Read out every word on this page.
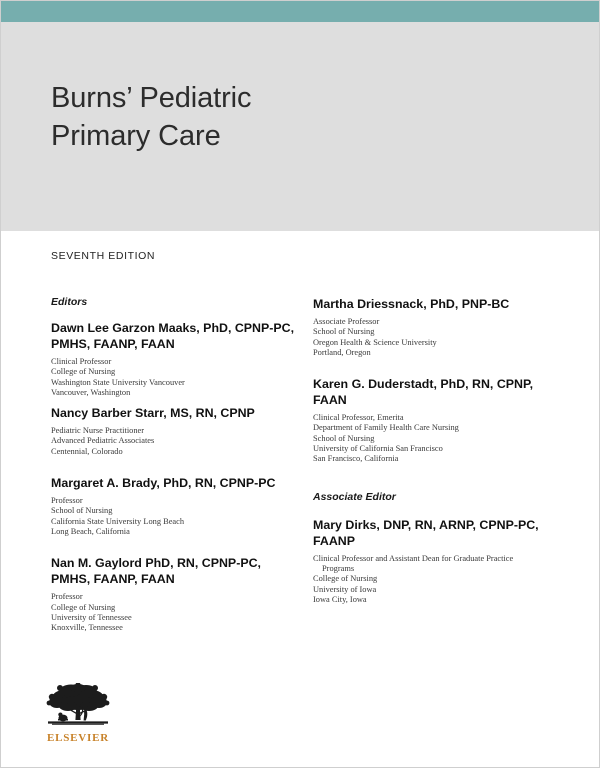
Burns’ Pediatric
Primary Care
SEVENTH EDITION
Editors
Dawn Lee Garzon Maaks, PhD, CPNP-PC, PMHS, FAANP, FAAN
Clinical Professor
College of Nursing
Washington State University Vancouver
Vancouver, Washington
Nancy Barber Starr, MS, RN, CPNP
Pediatric Nurse Practitioner
Advanced Pediatric Associates
Centennial, Colorado
Margaret A. Brady, PhD, RN, CPNP-PC
Professor
School of Nursing
California State University Long Beach
Long Beach, California
Nan M. Gaylord PhD, RN, CPNP-PC, PMHS, FAANP, FAAN
Professor
College of Nursing
University of Tennessee
Knoxville, Tennessee
Martha Driessnack, PhD, PNP-BC
Associate Professor
School of Nursing
Oregon Health & Science University
Portland, Oregon
Karen G. Duderstadt, PhD, RN, CPNP, FAAN
Clinical Professor, Emerita
Department of Family Health Care Nursing
School of Nursing
University of California San Francisco
San Francisco, California
Associate Editor
Mary Dirks, DNP, RN, ARNP, CPNP-PC, FAANP
Clinical Professor and Assistant Dean for Graduate Practice
Programs
College of Nursing
University of Iowa
Iowa City, Iowa
ELSEVIER
